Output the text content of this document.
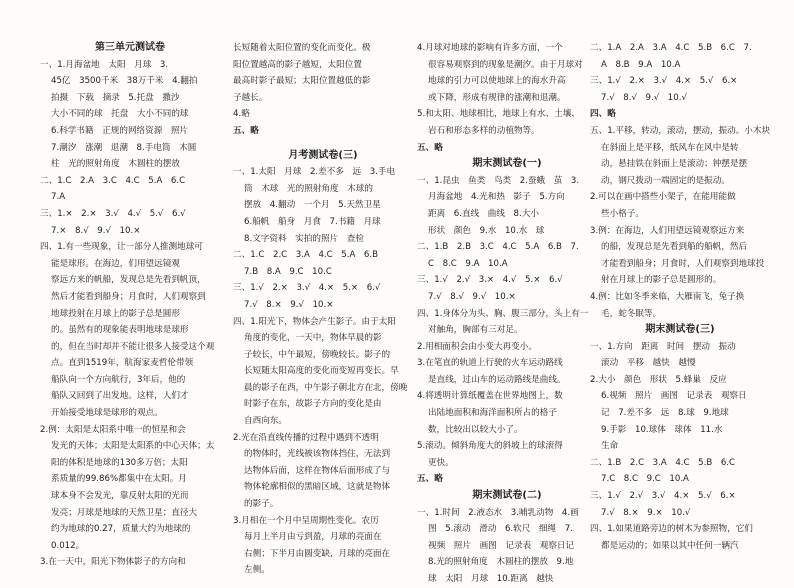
第三单元测试卷
一、1.月海盆地　太阳　月球　3.
45亿　3500千米　38万千米　4.翻拍
拍摄　下载　摘录　5.托盘　撒沙
大小不同的球　托盘　大小不同的球
6.科学书籍　正规的网络资源　照片
7.潮汐　涨潮　退潮　8.手电筒　木圆
柱　光的照射角度　木圆柱的摆放
二、1.C　2.A　3.C　4.C　5.A　6.C
7.A
三、1.×　2.×　3.√　4.√　5.√　6.√
7.×　8.√　9.√　10.×
四、1.有一些现象，让一部分人推测地球可
能是球形。在海边，们用望远镜观
察远方来的帆船，发现总是先看到帆顶，
然后才能看到船身；月食时，人们观察到
地球投射在月球上的影子总是圆形
的。虽然有的现象能表明地球是球形
的，但在当时却并不能让很多人接受这个观
点。直到1519年，航海家麦哲伦带领
船队向一个方向航行，3年后，他的
船队又回到了出发地。这样，人们才
开始接受地球是球形的观点。
2.例：太阳是太阳系中唯一的恒星和会
发光的天体；太阳是太阳系的中心天体；太
阳的体积是地球的130多万倍；太阳
系质量的99.86%都集中在太阳。月
球本身不会发光，靠反射太阳的光而
发亮；月球是地球的天然卫星；直径大
约为地球的0.27，质量大约为地球的
0.012。
3.在一天中，阳光下物体影子的方向和
长短随着太阳位置的变化而变化。极
阳位置越高的影子越短，太阳位置
最高时影子最短；太阳位置越低的影
子越长。
4.略
五、略
月考测试卷(三)
一、1.太阳　月球　2.差不多　远　3.手电
筒　木球　光的照射角度　木球的
摆放　4.翻动　一个月　5.天然卫星
6.船帆　船身　月食　7.书籍　月球
8.文字资料　实拍的照片　查检
二、1.C　2.C　3.A　4.C　5.A　6.B
7.B　8.A　9.C　10.C
三、1.√　2.×　3.√　4.×　5.×　6.√
7.√　8.×　9.√　10.×
四、1.阳光下，物体会产生影子。由于太阳
角度的变化，一天中，物体早晨的影
子较长，中午最短，傍晚较长。影子的
长短随太阳高度的变化而变短再变长。早
晨的影子在西，中午影子朝北方在北，傍晚
时影子在东，故影子方向的变化是由
自西向东。
2.光在沿直线传播的过程中遇到不透明
的物体时，光线被该物体挡住，无法到
达物体后面，这样在物体后面形成了与
物体轮廓相似的黑暗区域，这就是物体
的影子。
3.月相在一个月中呈周期性变化。农历
每月上半月由亏到盈，月球的亮面在
右侧；下半月由圆变缺，月球的亮面在
左侧。
4.月球对地球的影响有许多方面，一个
很容易观察到的现象是潮汐。由于月球对
地球的引力可以使地球上的海水升高
或下降，形成有规律的涨潮和退潮。
5.和太阳、地球相比，地球上有水、土壤、
岩石和形态多样的动植物等。
五、略
期末测试卷(一)
一、1.昆虫　鱼类　鸟类　2.蚕蛾　茧　3.
月海盆地　4.光和热　影子　5.方向
距离　6.直线　曲线　8.大小
形状　颜色　9.水　10.水　球
二、1.B　2.B　3.C　4.C　5.A　6.B　7.
C　8.C　9.A　10.A
三、1.√　2.√　3.×　4.√　5.×　6.√
7.√　8.√　9.√　10.×
四、1.身体分为头、胸、腹三部分，头上有一
对触角，胸部有三对足。
2.用相面积会由小变大再变小。
3.在笔直的轨道上行驶的火车运动路线
是直线，过山车的运动路线是曲线。
4.将透明计算纸覆盖在世界地图上，数
出陆地面积和海洋面积所占的格子
数，比较出以较大小了。
5.滚动。倾斜角度大的斜坡上的球滚得
更快。
五、略
期末测试卷(二)
一、1.时间　2.液态水　3.哺乳动物　4.画
图　5.滚动　滑动　6.软尺　细绳　7.
视频　照片　画图　记录表　观察日记
8.光的照射角度　木圆柱的摆放　9.地
球　太阳　月球　10.距离　越快
二、1.A　2.A　3.A　4.C　5.B　6.C　7.
A　8.B　9.A　10.A
三、1.√　2.×　3.√　4.×　5.√　6.×
7.√　8.√　9.√　10.√
四、略
五、1.平移，转动，滚动，摆动，振动。小木块
在斜面上是平移，纸风车在风中是转
动，悬挂铁在斜面上是滚动；钟摆是摆
动，钢尺拨动一端固定的是振动。
2.可以在画中搭些小架子，在能用能做
些小格子。
3.例：在海边，人们用望远镜观察远方来
的船，发现总是先看到船的船帆，然后
才能看到船身；月食时，人们观察到地球投
射在月球上的影子总是圆形的。
4.例：比如冬季来临，大雁南飞，兔子换
毛，蛇冬眠等。
期末测试卷(三)
一、1.方向　距离　时间　摆动　振动
滚动　平移　越快　越慢
2.大小　颜色　形状　5.蜂巢　反应
6.视频　照片　画图　记录表　观察日
记　7.差不多　远　8.球　9.地球
9.手影　10.球体　球体　11.水
生命
二、1.B　2.C　3.A　4.C　5.B　6.C
7.C　8.C　9.C　10.A
三、1.√　2.√　3.√　4.×　5.√　6.×
7.√　8.×　9.×　10.√
四、1.如果道路旁边的树木为参照物，它们
都是运动的；如果以其中任何一辆汽
